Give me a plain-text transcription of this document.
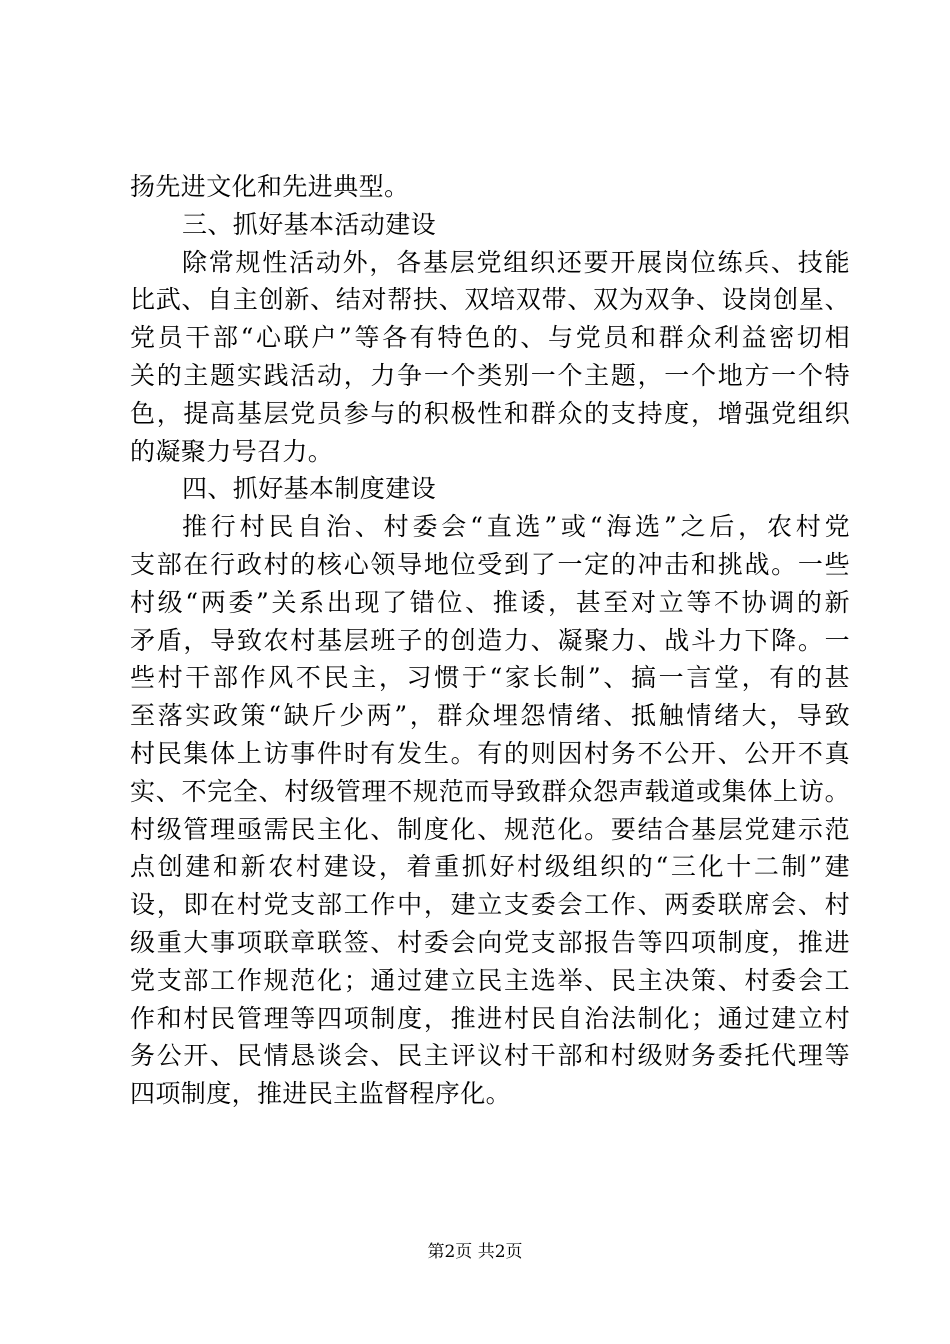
扬先进文化和先进典型。
三、抓好基本活动建设
除常规性活动外，各基层党组织还要开展岗位练兵、技能
比武、自主创新、结对帮扶、双培双带、双为双争、设岗创星、
党员干部“心联户”等各有特色的、与党员和群众利益密切相
关的主题实践活动，力争一个类别一个主题，一个地方一个特
色，提高基层党员参与的积极性和群众的支持度，增强党组织
的凝聚力号召力。
四、抓好基本制度建设
推行村民自治、村委会“直选”或“海选”之后，农村党
支部在行政村的核心领导地位受到了一定的冲击和挑战。一些
村级“两委”关系出现了错位、推诿，甚至对立等不协调的新
矛盾，导致农村基层班子的创造力、凝聚力、战斗力下降。一
些村干部作风不民主，习惯于“家长制”、搞一言堂，有的甚
至落实政策“缺斤少两”，群众埋怨情绪、抵触情绪大，导致
村民集体上访事件时有发生。有的则因村务不公开、公开不真
实、不完全、村级管理不规范而导致群众怨声载道或集体上访。
村级管理亟需民主化、制度化、规范化。要结合基层党建示范
点创建和新农村建设，着重抓好村级组织的“三化十二制”建
设，即在村党支部工作中，建立支委会工作、两委联席会、村
级重大事项联章联签、村委会向党支部报告等四项制度，推进
党支部工作规范化；通过建立民主选举、民主决策、村委会工
作和村民管理等四项制度，推进村民自治法制化；通过建立村
务公开、民情恳谈会、民主评议村干部和村级财务委托代理等
四项制度，推进民主监督程序化。
第2页 共2页
